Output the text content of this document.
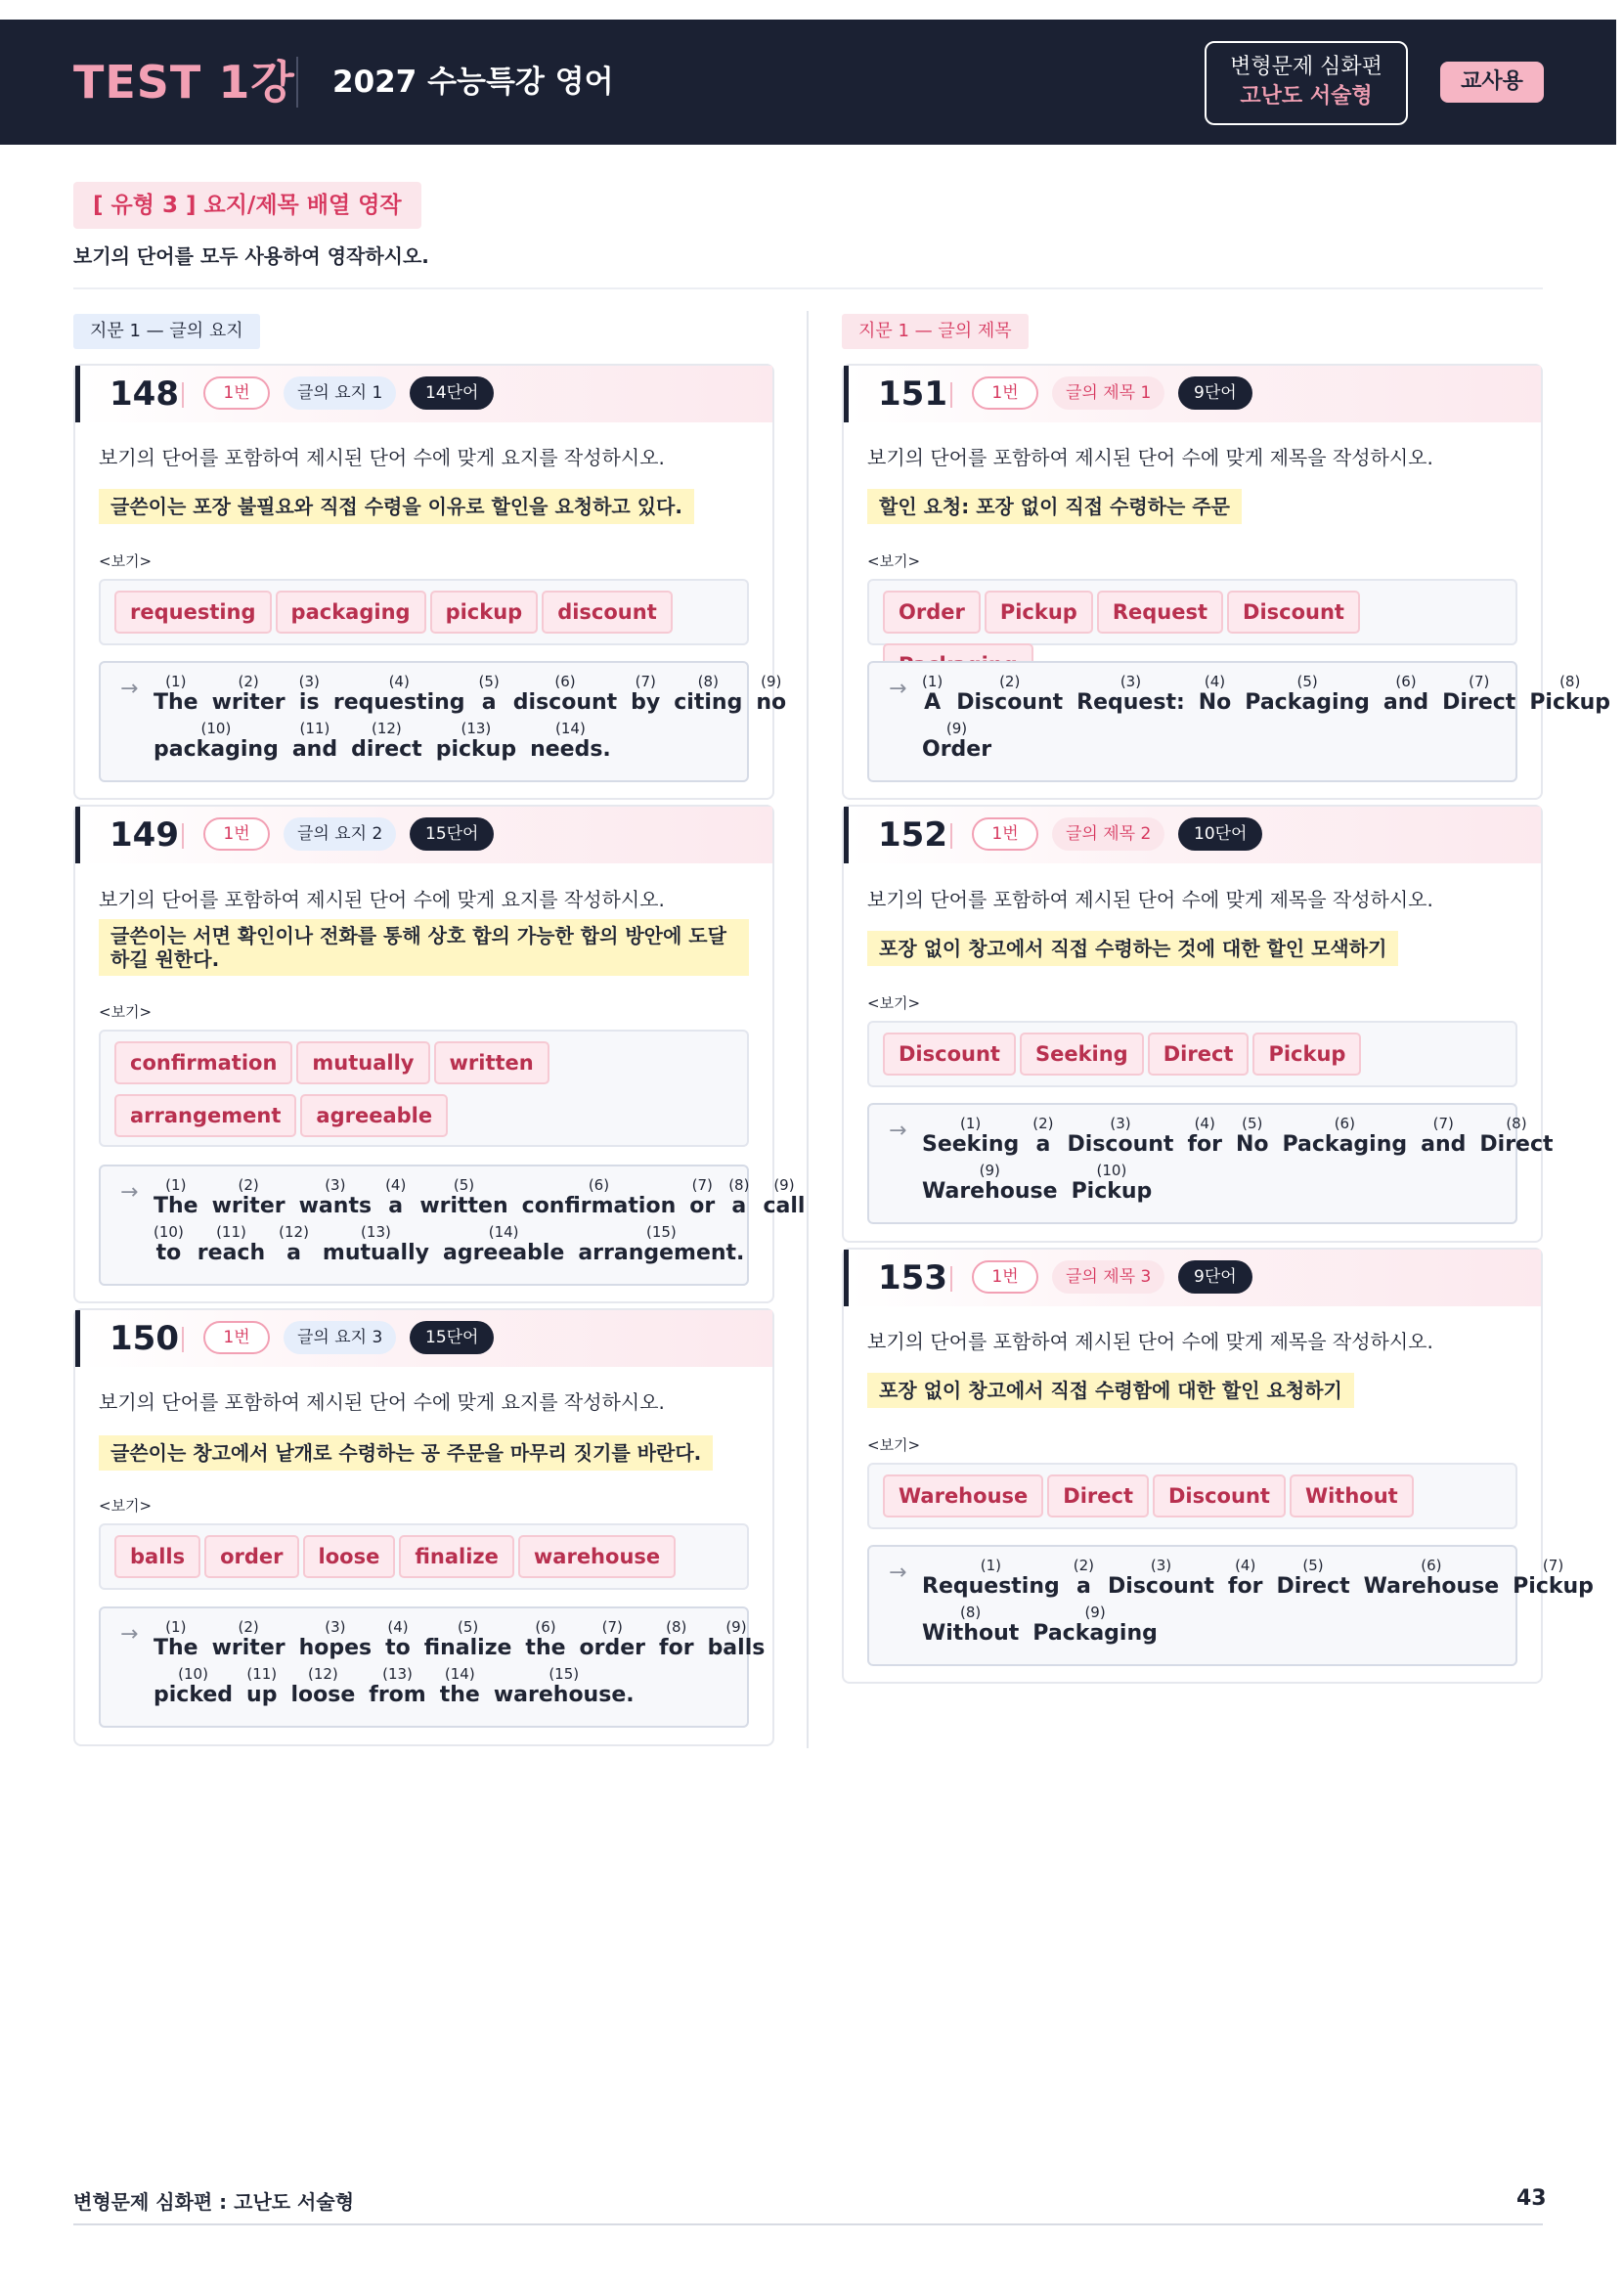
TEST 1강 2027 수능특강 영어	변형문제 심화편
고난도 서술형
교사용
[ 유형 3 ] 요지/제목 배열 영작
보기의 단어를 모두 사용하여 영작하시오.
지문 1 — 글의 요지	지문 1 — 글의 제목
148	1번	글의 요지 1	14단어
보기의 단어를 포함하여 제시된 단어 수에 맞게 요지를 작성하시오.
글쓴이는 포장 불필요와 직접 수령을 이유로 할인을 요청하고 있다.
<보기>
requesting packaging pickup discount
→ (1)
The
(2)
writer
(3)
is
(4)
requesting
(5)
a
(6)
discount
(7)
by
(8)
citing
(9)
no
(10)
packaging
(11)
and
(12)
direct
(13)
pickup
(14)
needs.
149	1번	글의 요지 2	15단어
보기의 단어를 포함하여 제시된 단어 수에 맞게 요지를 작성하시오.
글쓴이는 서면 확인이나 전화를 통해 상호 합의 가능한 합의 방안에 도달하길 원한다.
<보기>
confirmation mutually writtenarrangement agreeable
→ (1)
The
(2)
writer
(3)
wants
(4)
a
(5)
written
(6)
confirmation
(7)
or
(8)
a
(9)
call
(10)
to
(11)
reach
(12)
a
(13)
mutually
(14)
agreeable
(15)
arrangement.
150	1번	글의 요지 3	15단어
보기의 단어를 포함하여 제시된 단어 수에 맞게 요지를 작성하시오.
글쓴이는 창고에서 낱개로 수령하는 공 주문을 마무리 짓기를 바란다.
<보기>
balls order loose finalize warehouse
→ (1)
The
(2)
writer
(3)
hopes
(4)
to
(5)
finalize
(6)
the
(7)
order
(8)
for
(9)
balls
(10)
picked
(11)
up
(12)
loose
(13)
from
(14)
the
(15)
warehouse.
151	1번	글의 제목 1	9단어
보기의 단어를 포함하여 제시된 단어 수에 맞게 제목을 작성하시오.
할인 요청: 포장 없이 직접 수령하는 주문
<보기>
Order Pickup Request Discount
→ (1)
A
(2)
Discount
(3)
Request:
(4)
No
(5)
Packaging
(6)
and
(7)
Direct
(8)
Pickup
(9)
Order
152	1번	글의 제목 2	10단어
보기의 단어를 포함하여 제시된 단어 수에 맞게 제목을 작성하시오.
포장 없이 창고에서 직접 수령하는 것에 대한 할인 모색하기
<보기>
Discount Seeking Direct Pickup
→	(1)
Seeking
(2)
a
(3)
Discount
(4)
for
(5)
No
(6)
Packaging
(7)
and
(8)
Direct
(9)
Warehouse
(10)
Pickup
153	1번	글의 제목 3	9단어
보기의 단어를 포함하여 제시된 단어 수에 맞게 제목을 작성하시오.
포장 없이 창고에서 직접 수령함에 대한 할인 요청하기
<보기>
Warehouse Direct Discount Without
→	(1)
Requesting
(2)
a
(3)
Discount
(4)
for
(5)
Direct
(6)
Warehouse
(7)
Pickup
(8)
Without
(9)
Packaging
변형문제 심화편 : 고난도 서술형	43
